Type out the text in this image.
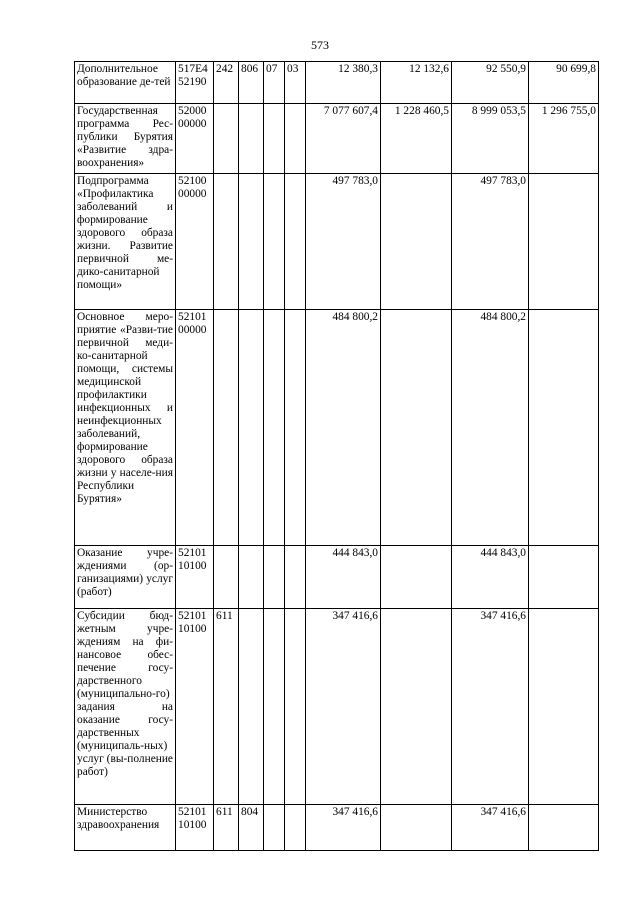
573
Дополнительное образование де-тей	517E4 52190	242	806	07	03	12 380,3	12 132,6	92 550,9	90 699,8
Государственная программа Рес-публики Бурятия «Развитие здра-воохранения»	52000 00000					7 077 607,4	1 228 460,5	8 999 053,5	1 296 755,0
Подпрограмма «Профилактика заболеваний и формирование здорового образа жизни. Развитие первичной ме-дико-санитарной помощи»	52100 00000					497 783,0		497 783,0	
Основное меро-приятие «Разви-тие первичной меди- ко-санитарной помощи, системы медицинской профилактики инфекционных и неинфекционных заболеваний, формирование здорового образа жизни у населе-ния Республики Бурятия»	52101 00000					484 800,2		484 800,2	
Оказание учре-ждениями (ор-ганизациями) услуг (работ)	52101 10100					444 843,0		444 843,0	
Субсидии бюд-жетным учре-ждениям на фи-нансовое обес-печение госу-дарственного (муниципально-го) задания на оказание госу-дарственных (муниципаль-ных) услуг (вы-полнение работ)	52101 10100	611				347 416,6		347 416,6	
Министерство здравоохранения	52101 10100	611	804			347 416,6		347 416,6	
